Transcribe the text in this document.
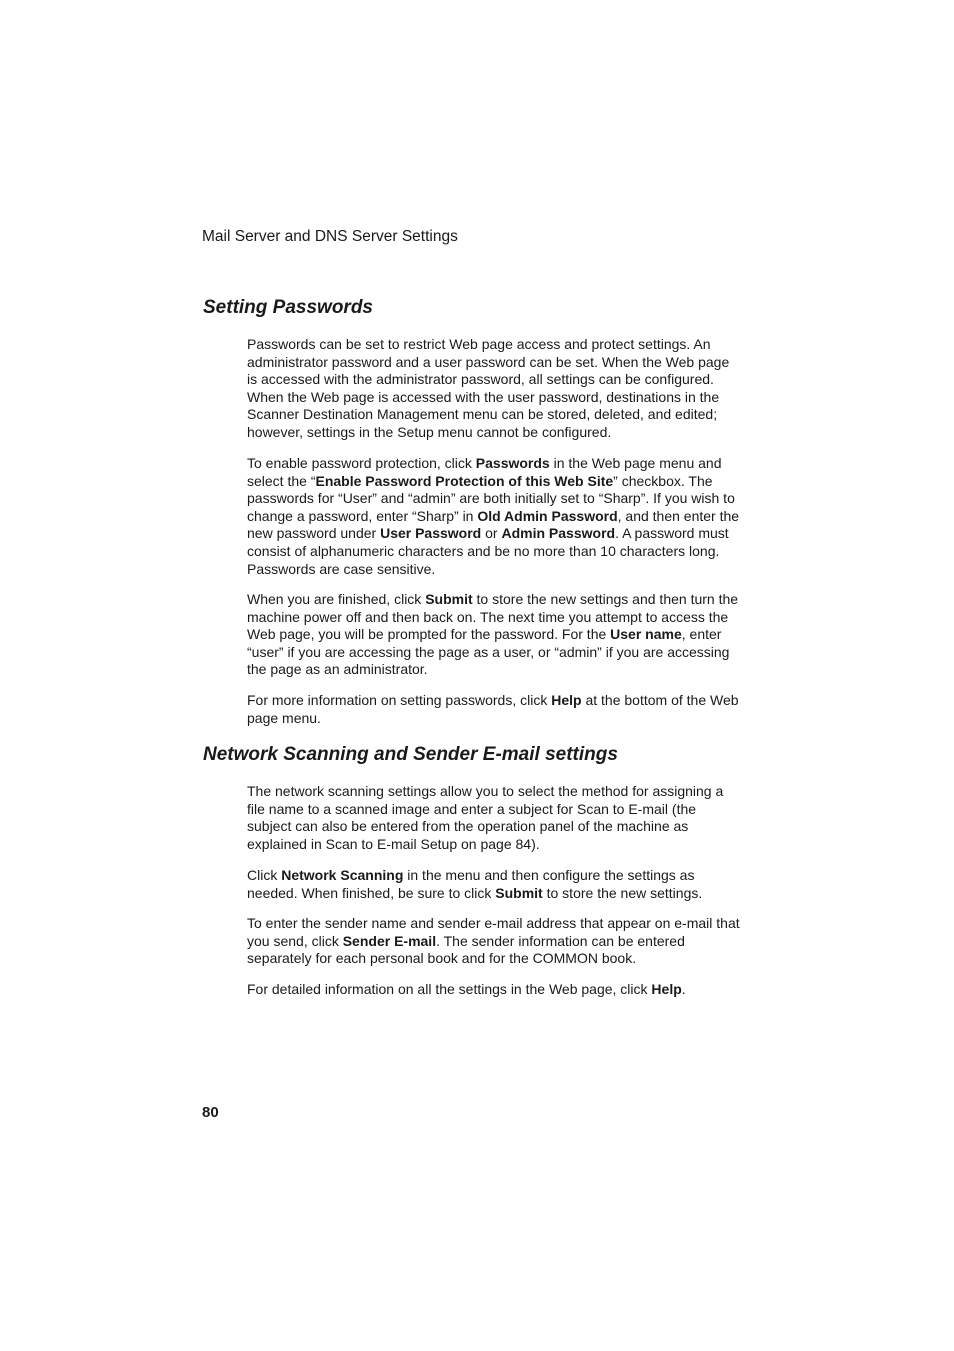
Mail Server and DNS Server Settings
Setting Passwords

Passwords can be set to restrict Web page access and protect settings. An administrator password and a user password can be set. When the Web page is accessed with the administrator password, all settings can be configured. When the Web page is accessed with the user password, destinations in the Scanner Destination Management menu can be stored, deleted, and edited; however, settings in the Setup menu cannot be configured.

To enable password protection, click Passwords in the Web page menu and select the “Enable Password Protection of this Web Site” checkbox. The passwords for “User” and “admin” are both initially set to “Sharp”. If you wish to change a password, enter “Sharp” in Old Admin Password, and then enter the new password under User Password or Admin Password. A password must consist of alphanumeric characters and be no more than 10 characters long. Passwords are case sensitive.

When you are finished, click Submit to store the new settings and then turn the machine power off and then back on. The next time you attempt to access the Web page, you will be prompted for the password. For the User name, enter “user” if you are accessing the page as a user, or “admin” if you are accessing the page as an administrator.

For more information on setting passwords, click Help at the bottom of the Web page menu.

Network Scanning and Sender E-mail settings

The network scanning settings allow you to select the method for assigning a file name to a scanned image and enter a subject for Scan to E-mail (the subject can also be entered from the operation panel of the machine as explained in Scan to E-mail Setup on page 84).

Click Network Scanning in the menu and then configure the settings as needed. When finished, be sure to click Submit to store the new settings.

To enter the sender name and sender e-mail address that appear on e-mail that you send, click Sender E-mail. The sender information can be entered separately for each personal book and for the COMMON book.

For detailed information on all the settings in the Web page, click Help.

80
